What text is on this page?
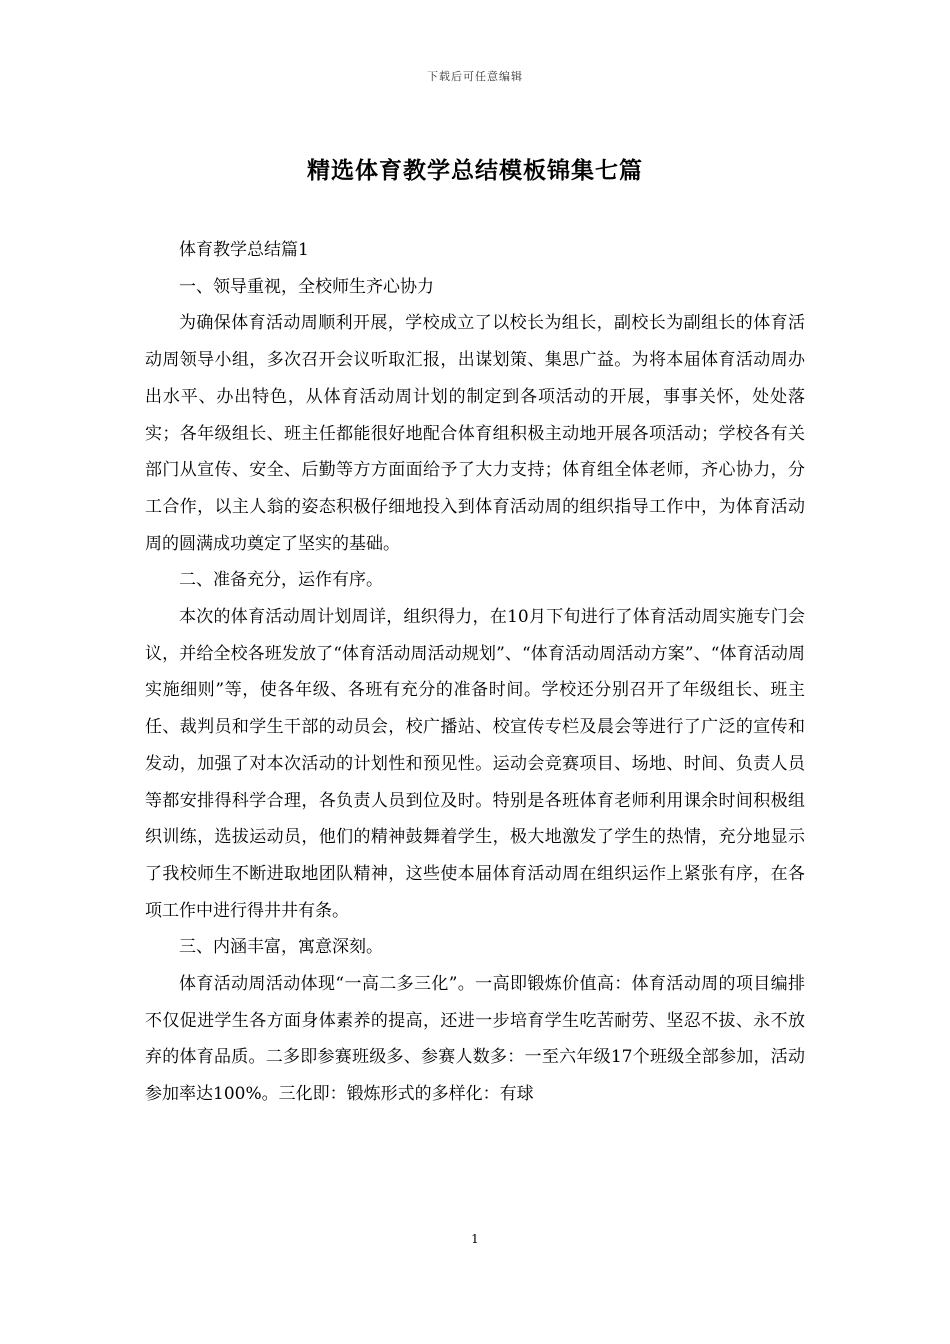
下载后可任意编辑
精选体育教学总结模板锦集七篇

体育教学总结篇1

一、领导重视，全校师生齐心协力

为确保体育活动周顺利开展，学校成立了以校长为组长，副校长为副组长的体育活动周领导小组，多次召开会议听取汇报，出谋划策、集思广益。为将本届体育活动周办出水平、办出特色，从体育活动周计划的制定到各项活动的开展，事事关怀，处处落实；各年级组长、班主任都能很好地配合体育组积极主动地开展各项活动；学校各有关部门从宣传、安全、后勤等方方面面给予了大力支持；体育组全体老师，齐心协力，分工合作，以主人翁的姿态积极仔细地投入到体育活动周的组织指导工作中，为体育活动周的圆满成功奠定了坚实的基础。

二、准备充分，运作有序。

本次的体育活动周计划周详，组织得力，在10月下旬进行了体育活动周实施专门会议，并给全校各班发放了“体育活动周活动规划”、“体育活动周活动方案”、“体育活动周实施细则”等，使各年级、各班有充分的准备时间。学校还分别召开了年级组长、班主任、裁判员和学生干部的动员会，校广播站、校宣传专栏及晨会等进行了广泛的宣传和发动，加强了对本次活动的计划性和预见性。运动会竞赛项目、场地、时间、负责人员等都安排得科学合理，各负责人员到位及时。特别是各班体育老师利用课余时间积极组织训练，选拔运动员，他们的精神鼓舞着学生，极大地激发了学生的热情，充分地显示了我校师生不断进取地团队精神，这些使本届体育活动周在组织运作上紧张有序，在各项工作中进行得井井有条。

三、内涵丰富，寓意深刻。

体育活动周活动体现“一高二多三化”。一高即锻炼价值高：体育活动周的项目编排不仅促进学生各方面身体素养的提高，还进一步培育学生吃苦耐劳、坚忍不拔、永不放弃的体育品质。二多即参赛班级多、参赛人数多：一至六年级17个班级全部参加，活动参加率达100%。三化即：锻炼形式的多样化：有球

1
